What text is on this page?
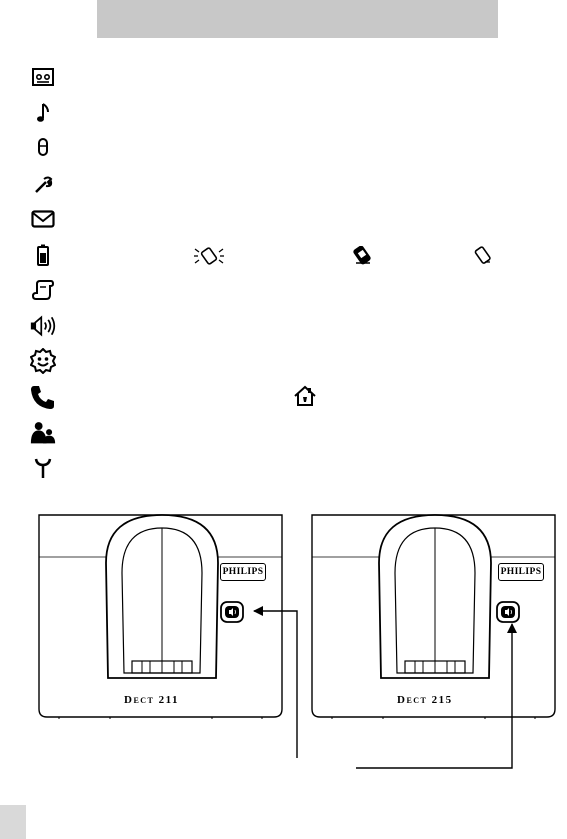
PHILIPS
Dect 211
PHILIPS
Dect 215
